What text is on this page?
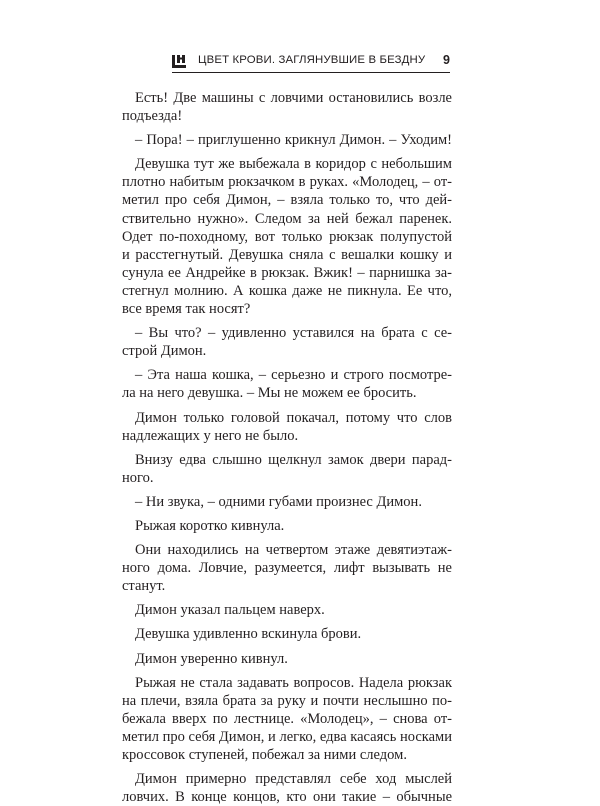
ЦВЕТ КРОВИ. ЗАГЛЯНУВШИЕ В БЕЗДНУ 9
Есть! Две машины с ловчими остановились возле
подъезда!
– Пора! – приглушенно крикнул Димон. – Уходим!
Девушка тут же выбежала в коридор с небольшим
плотно набитым рюкзачком в руках. «Молодец, – от-
метил про себя Димон, – взяла только то, что дей-
ствительно нужно». Следом за ней бежал паренек.
Одет по-походному, вот только рюкзак полупустой
и расстегнутый. Девушка сняла с вешалки кошку и
сунула ее Андрейке в рюкзак. Вжик! – парнишка за-
стегнул молнию. А кошка даже не пикнула. Ее что,
все время так носят?
– Вы что? – удивленно уставился на брата с се-
строй Димон.
– Эта наша кошка, – серьезно и строго посмотре-
ла на него девушка. – Мы не можем ее бросить.
Димон только головой покачал, потому что слов
надлежащих у него не было.
Внизу едва слышно щелкнул замок двери парад-
ного.
– Ни звука, – одними губами произнес Димон.
Рыжая коротко кивнула.
Они находились на четвертом этаже девятиэтаж-
ного дома. Ловчие, разумеется, лифт вызывать не
станут.
Димон указал пальцем наверх.
Девушка удивленно вскинула брови.
Димон уверенно кивнул.
Рыжая не стала задавать вопросов. Надела рюкзак
на плечи, взяла брата за руку и почти неслышно по-
бежала вверх по лестнице. «Молодец», – снова от-
метил про себя Димон, и легко, едва касаясь носками
кроссовок ступеней, побежал за ними следом.
Димон примерно представлял себе ход мыслей
ловчих. В конце концов, кто они такие – обычные
